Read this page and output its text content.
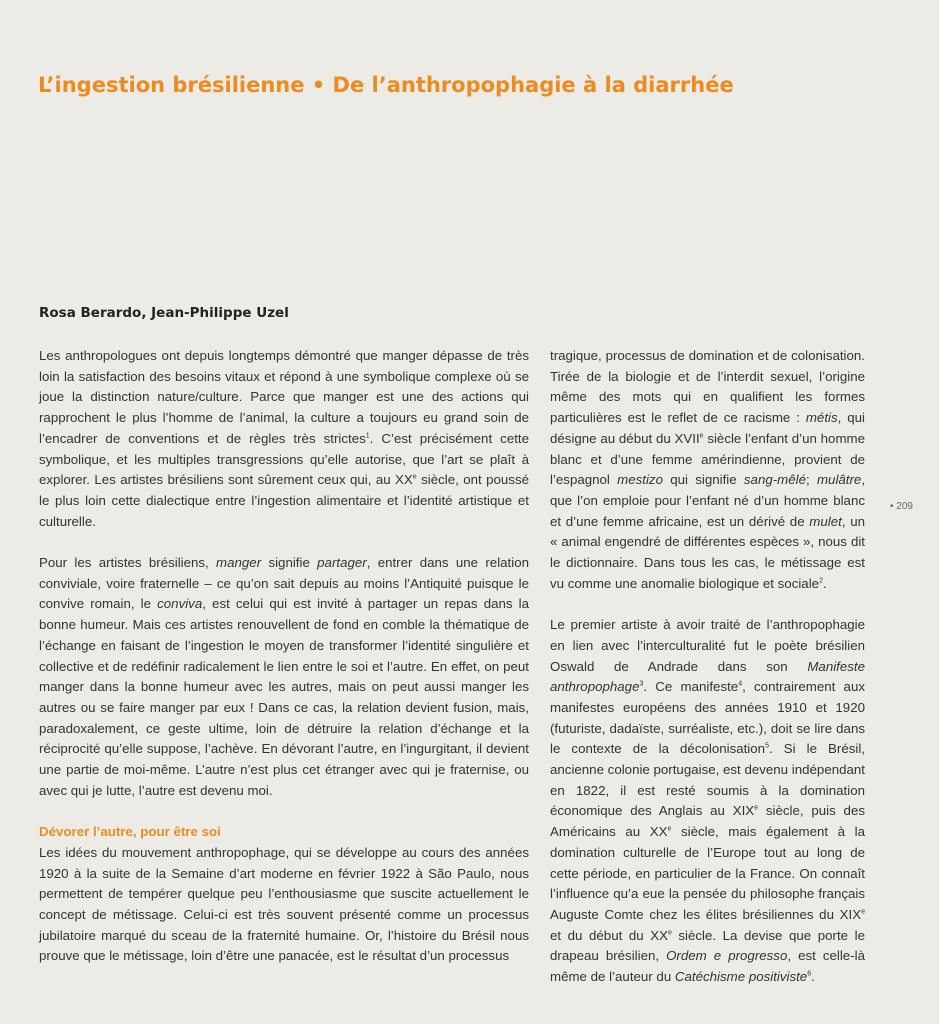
L’ingestion brésilienne • De l’anthropophagie à la diarrhée

Rosa Berardo, Jean-Philippe Uzel

Les anthropologues ont depuis longtemps démontré que manger dépasse de très loin la satisfaction des besoins vitaux et répond à une symbolique complexe où se joue la distinction nature/culture. Parce que manger est une des actions qui rapprochent le plus l’homme de l’animal, la culture a toujours eu grand soin de l’encadrer de conventions et de règles très strictes$^1$. C’est précisément cette symbolique, et les multiples transgressions qu’elle autorise, que l’art se plaît à explorer. Les artistes brésiliens sont sûrement ceux qui, au XXe siècle, ont poussé le plus loin cette dialectique entre l’ingestion alimentaire et l’identité artistique et culturelle.

Pour les artistes brésiliens, manger signifie partager, entrer dans une relation conviviale, voire fraternelle – ce qu’on sait depuis au moins l’Antiquité puisque le convive romain, le conviva, est celui qui est invité à partager un repas dans la bonne humeur. Mais ces artistes renouvellent de fond en comble la thématique de l’échange en faisant de l’ingestion le moyen de transformer l’identité singulière et collective et de redéfinir radicalement le lien entre le soi et l’autre. En effet, on peut manger dans la bonne humeur avec les autres, mais on peut aussi manger les autres ou se faire manger par eux ! Dans ce cas, la relation devient fusion, mais, paradoxalement, ce geste ultime, loin de détruire la relation d’échange et la réciprocité qu’elle suppose, l’achève. En dévorant l’autre, en l’ingurgitant, il devient une partie de moi-même. L’autre n’est plus cet étranger avec qui je fraternise, ou avec qui je lutte, l’autre est devenu moi.

Dévorer l’autre, pour être soi

Les idées du mouvement anthropophage, qui se développe au cours des années 1920 à la suite de la Semaine d’art moderne en février 1922 à São Paulo, nous permettent de tempérer quelque peu l’enthousiasme que suscite actuellement le concept de métissage. Celui-ci est très souvent présenté comme un processus jubilatoire marqué du sceau de la fraternité humaine. Or, l’histoire du Brésil nous prouve que le métissage, loin d’être une panacée, est le résultat d’un processus

tragique, processus de domination et de colonisation. Tirée de la biologie et de l’interdit sexuel, l’origine même des mots qui en qualifient les formes particulières est le reflet de ce racisme : métis, qui désigne au début du XVIIe siècle l’enfant d’un homme blanc et d’une femme amérindienne, provient de l’espagnol mestizo qui signifie sang-mêlé; mulâtre, que l’on emploie pour l’enfant né d’un homme blanc et d’une femme africaine, est un dérivé de mulet, un « animal engendré de différentes espèces », nous dit le dictionnaire. Dans tous les cas, le métissage est vu comme une anomalie biologique et sociale$^2$.

Le premier artiste à avoir traité de l’anthropophagie en lien avec l’interculturalité fut le poète brésilien Oswald de Andrade dans son Manifeste anthropophage$^3$. Ce manifeste$^4$, contrairement aux manifestes européens des années 1910 et 1920 (futuriste, dadaïste, surréaliste, etc.), doit se lire dans le contexte de la décolonisation$^5$. Si le Brésil, ancienne colonie portugaise, est devenu indépendant en 1822, il est resté soumis à la domination économique des Anglais au XIXe siècle, puis des Américains au XXe siècle, mais également à la domination culturelle de l’Europe tout au long de cette période, en particulier de la France. On connaît l’influence qu’a eue la pensée du philosophe français Auguste Comte chez les élites brésiliennes du XIXe et du début du XXe siècle. La devise que porte le drapeau brésilien, Ordem e progresso, est celle-là même de l’auteur du Catéchisme positiviste$^6$.

• 209
